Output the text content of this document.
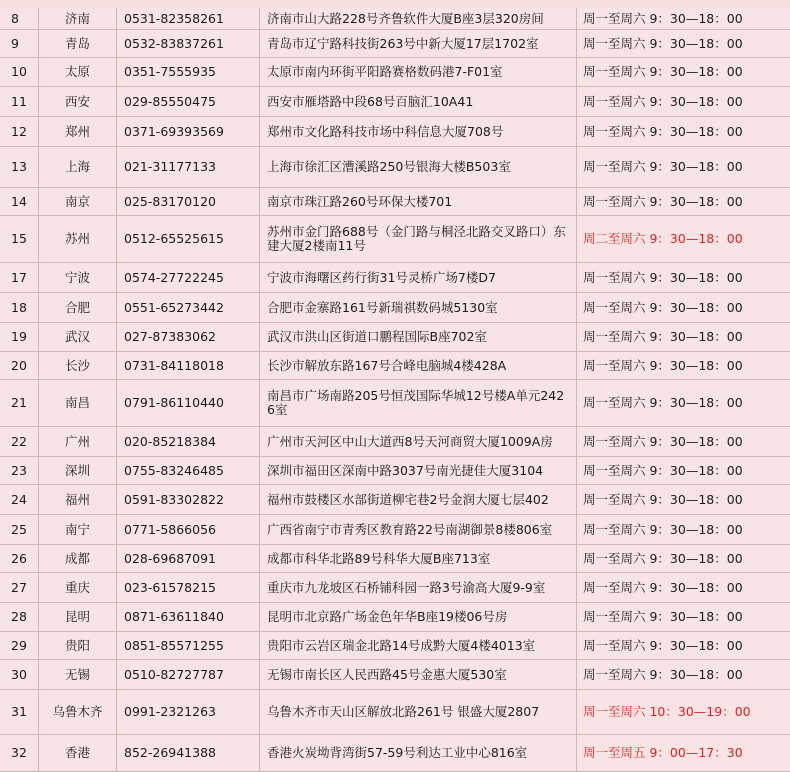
8	济南	0531-82358261	济南市山大路228号齐鲁软件大厦B座3层320房间	周一至周六 9：30—18：00
9	青岛	0532-83837261	青岛市辽宁路科技街263号中新大厦17层1702室	周一至周六 9：30—18：00
10	太原	0351-7555935	太原市南内环街平阳路赛格数码港7-F01室	周一至周六 9：30—18：00
11	西安	029-85550475	西安市雁塔路中段68号百脑汇10A41	周一至周六 9：30—18：00
12	郑州	0371-69393569	郑州市文化路科技市场中科信息大厦708号	周一至周六 9：30—18：00
13	上海	021-31177133	上海市徐汇区漕溪路250号银海大楼B503室	周一至周六 9：30—18：00
14	南京	025-83170120	南京市珠江路260号环保大楼701	周一至周六 9：30—18：00
15	苏州	0512-65525615	苏州市金门路688号（金门路与桐泾北路交叉路口）东建大厦2楼南11号	周二至周六 9：30—18：00
17	宁波	0574-27722245	宁波市海曙区药行街31号灵桥广场7楼D7	周一至周六 9：30—18：00
18	合肥	0551-65273442	合肥市金寨路161号新瑞祺数码城5130室	周一至周六 9：30—18：00
19	武汉	027-87383062	武汉市洪山区街道口鹏程国际B座702室	周一至周六 9：30—18：00
20	长沙	0731-84118018	长沙市解放东路167号合峰电脑城4楼428A	周一至周六 9：30—18：00
21	南昌	0791-86110440	南昌市广场南路205号恒茂国际华城12号楼A单元2426室	周一至周六 9：30—18：00
22	广州	020-85218384	广州市天河区中山大道西8号天河商贸大厦1009A房 周一至周六 9：30—18：00
23	深圳	0755-83246485	深圳市福田区深南中路3037号南光捷佳大厦3104	周一至周六 9：30—18：00
24	福州	0591-83302822	福州市鼓楼区水部街道柳宅巷2号金润大厦七层402	周一至周六 9：30—18：00
25	南宁	0771-5866056	广西省南宁市青秀区教育路22号南湖御景8楼806室 周一至周六 9：30—18：00
26	成都	028-69687091	成都市科华北路89号科华大厦B座713室	周一至周六 9：30—18：00
27	重庆	023-61578215	重庆市九龙坡区石桥铺科园一路3号渝高大厦9-9室	周一至周六 9：30—18：00
28	昆明	0871-63611840	昆明市北京路广场金色年华B座19楼06号房	周一至周六 9：30—18：00
29	贵阳	0851-85571255	贵阳市云岩区瑞金北路14号成黔大厦4楼4013室	周一至周六 9：30—18：00
30	无锡	0510-82727787	无锡市南长区人民西路45号金惠大厦530室	周一至周六 9：30—18：00
31 乌鲁木齐 0991-2321263	乌鲁木齐市天山区解放北路261号 银盛大厦2807	周一至周六 10：30—19：00
32	香港	852-26941388	香港火炭坳背湾街57-59号利达工业中心816室	周一至周五 9：00—17：30
